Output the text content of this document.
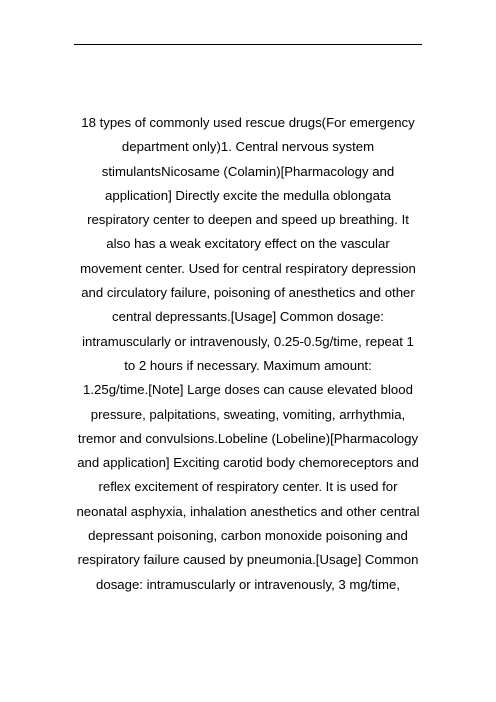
18 types of commonly used rescue drugs(For emergency
department only)1. Central nervous system
stimulantsNicosame (Colamin)[Pharmacology and
application] Directly excite the medulla oblongata
respiratory center to deepen and speed up breathing. It
also has a weak excitatory effect on the vascular
movement center. Used for central respiratory depression
and circulatory failure, poisoning of anesthetics and other
central depressants.[Usage] Common dosage:
intramuscularly or intravenously, 0.25-0.5g/time, repeat 1
to 2 hours if necessary. Maximum amount:
1.25g/time.[Note] Large doses can cause elevated blood
pressure, palpitations, sweating, vomiting, arrhythmia,
tremor and convulsions.Lobeline (Lobeline)[Pharmacology
and application] Exciting carotid body chemoreceptors and
reflex excitement of respiratory center. It is used for
neonatal asphyxia, inhalation anesthetics and other central
depressant poisoning, carbon monoxide poisoning and
respiratory failure caused by pneumonia.[Usage] Common
dosage: intramuscularly or intravenously, 3 mg/time,
